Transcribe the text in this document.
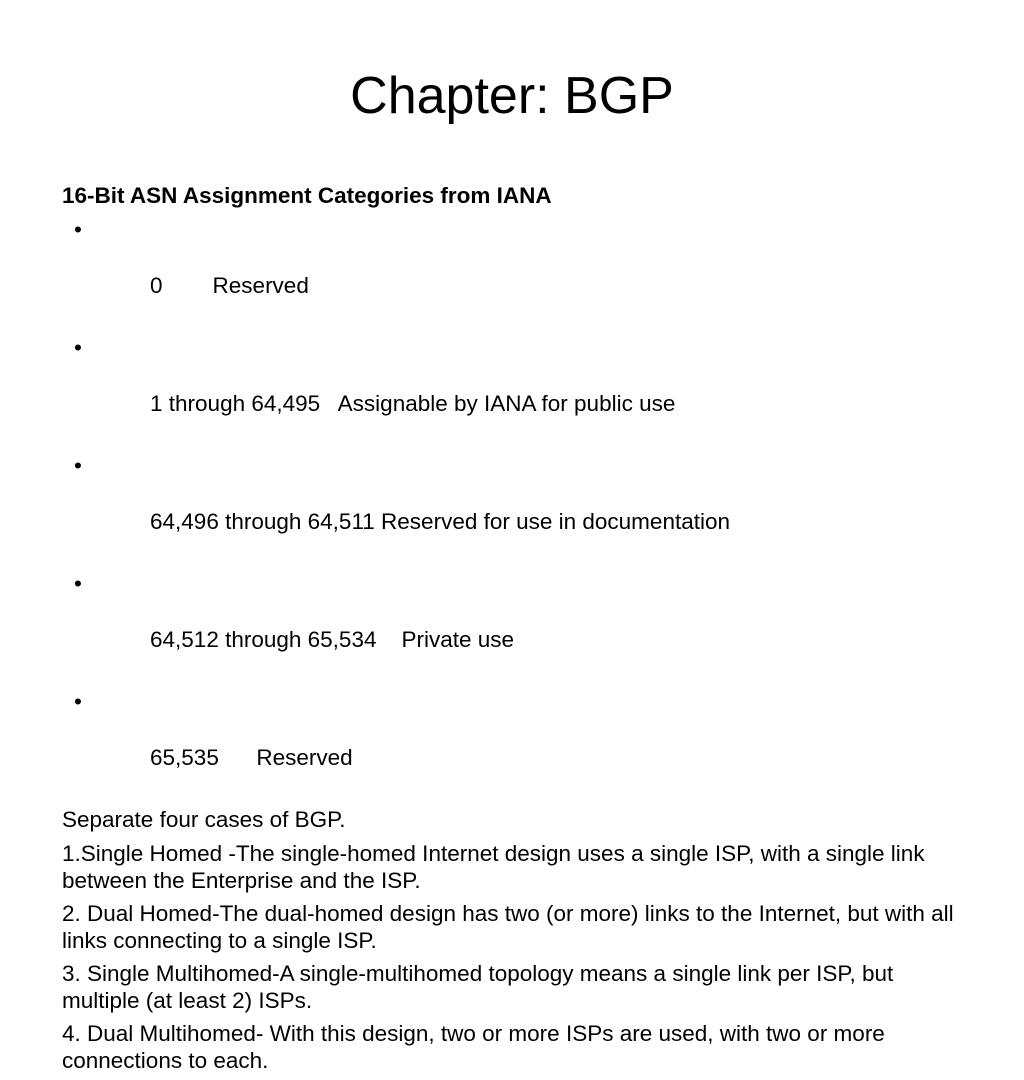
Chapter: BGP
16-Bit ASN Assignment Categories from IANA

•

0        Reserved

•

1 through 64,495   Assignable by IANA for public use

•

64,496 through 64,511 Reserved for use in documentation

•

64,512 through 65,534    Private use

•

65,535      Reserved

Separate four cases of BGP.
1.Single Homed -The single-homed Internet design uses a single ISP, with a single link between the Enterprise and the ISP.
2. Dual Homed-The dual-homed design has two (or more) links to the Internet, but with all links connecting to a single ISP.
3. Single Multihomed-A single-multihomed topology means a single link per ISP, but multiple (at least 2) ISPs.
4. Dual Multihomed- With this design, two or more ISPs are used, with two or more connections to each.
